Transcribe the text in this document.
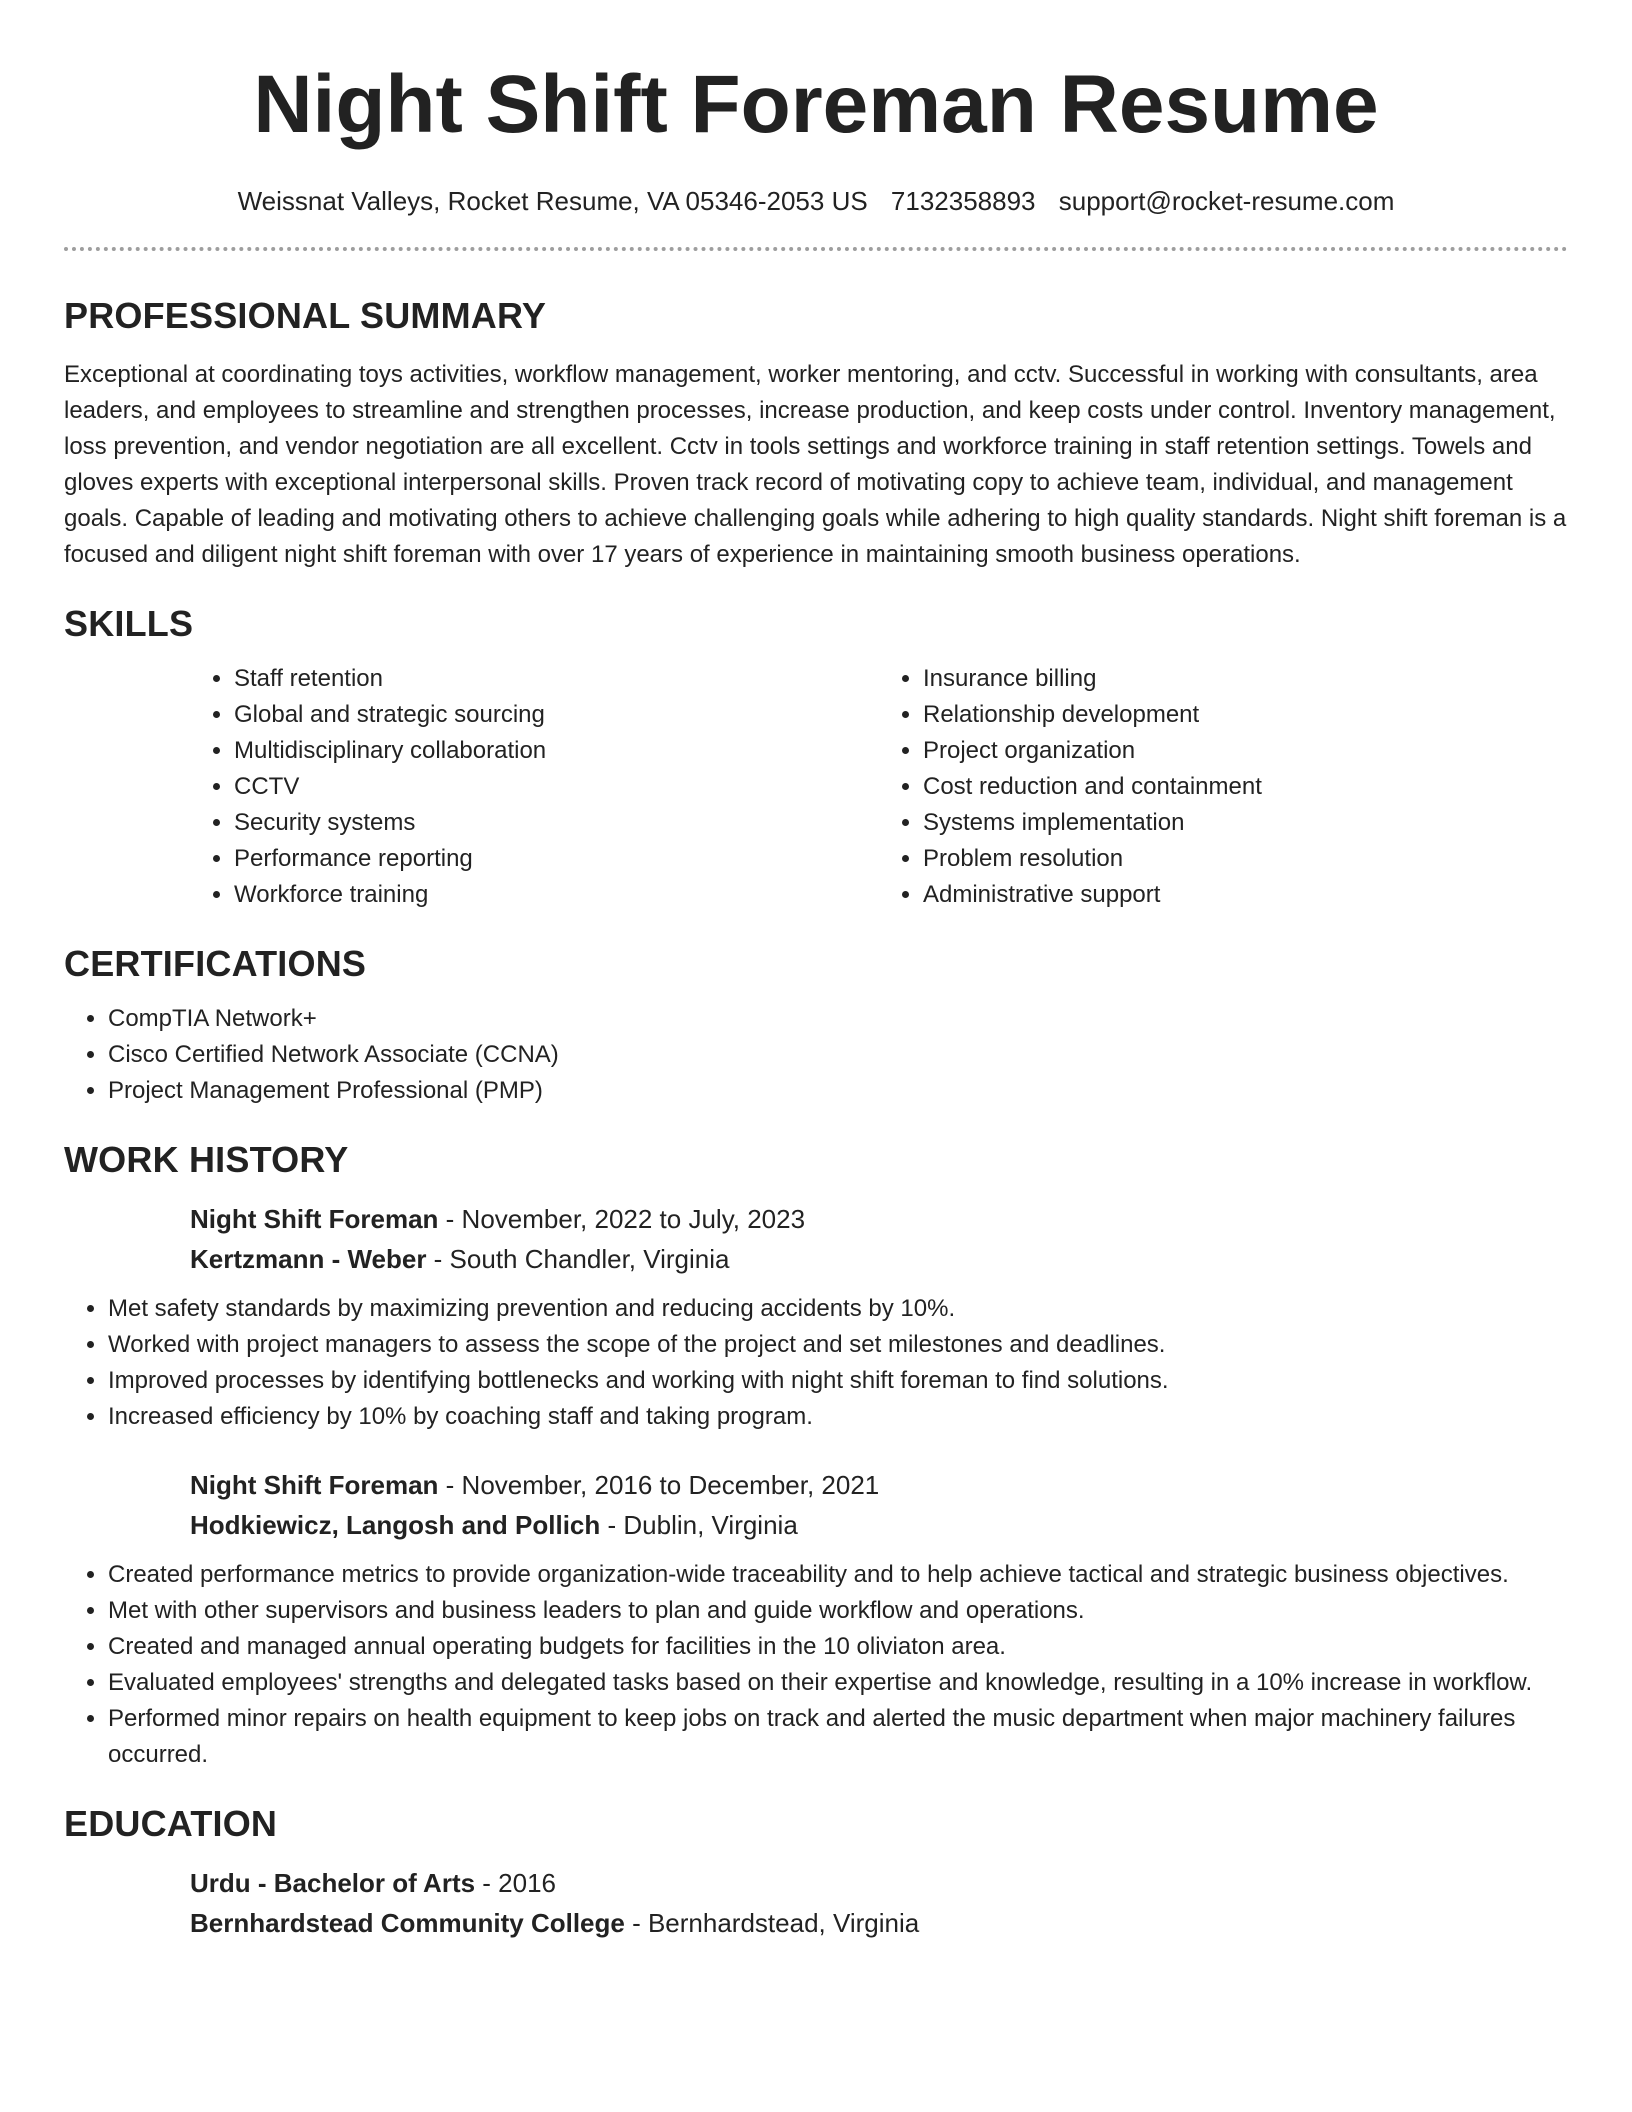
Night Shift Foreman Resume
Weissnat Valleys, Rocket Resume, VA 05346-2053 US 7132358893 support@rocket-resume.com
PROFESSIONAL SUMMARY

Exceptional at coordinating toys activities, workflow management, worker mentoring, and cctv. Successful in working with consultants, area leaders, and employees to streamline and strengthen processes, increase production, and keep costs under control. Inventory management, loss prevention, and vendor negotiation are all excellent. Cctv in tools settings and workforce training in staff retention settings. Towels and gloves experts with exceptional interpersonal skills. Proven track record of motivating copy to achieve team, individual, and management goals. Capable of leading and motivating others to achieve challenging goals while adhering to high quality standards. Night shift foreman is a focused and diligent night shift foreman with over 17 years of experience in maintaining smooth business operations.

SKILLS
• Staff retention
• Global and strategic sourcing
• Multidisciplinary collaboration
• CCTV
• Security systems
• Performance reporting
• Workforce training
• Insurance billing
• Relationship development
• Project organization
• Cost reduction and containment
• Systems implementation
• Problem resolution
• Administrative support
CERTIFICATIONS
• CompTIA Network+
• Cisco Certified Network Associate (CCNA)
• Project Management Professional (PMP)
WORK HISTORY
Night Shift Foreman - November, 2022 to July, 2023
Kertzmann - Weber - South Chandler, Virginia
• Met safety standards by maximizing prevention and reducing accidents by 10%.
• Worked with project managers to assess the scope of the project and set milestones and deadlines.
• Improved processes by identifying bottlenecks and working with night shift foreman to find solutions.
• Increased efficiency by 10% by coaching staff and taking program.
Night Shift Foreman - November, 2016 to December, 2021
Hodkiewicz, Langosh and Pollich - Dublin, Virginia
• Created performance metrics to provide organization-wide traceability and to help achieve tactical and strategic business objectives.
• Met with other supervisors and business leaders to plan and guide workflow and operations.
• Created and managed annual operating budgets for facilities in the 10 oliviaton area.
• Evaluated employees' strengths and delegated tasks based on their expertise and knowledge, resulting in a 10% increase in workflow.
• Performed minor repairs on health equipment to keep jobs on track and alerted the music department when major machinery failures occurred.
EDUCATION
Urdu - Bachelor of Arts - 2016
Bernhardstead Community College - Bernhardstead, Virginia
